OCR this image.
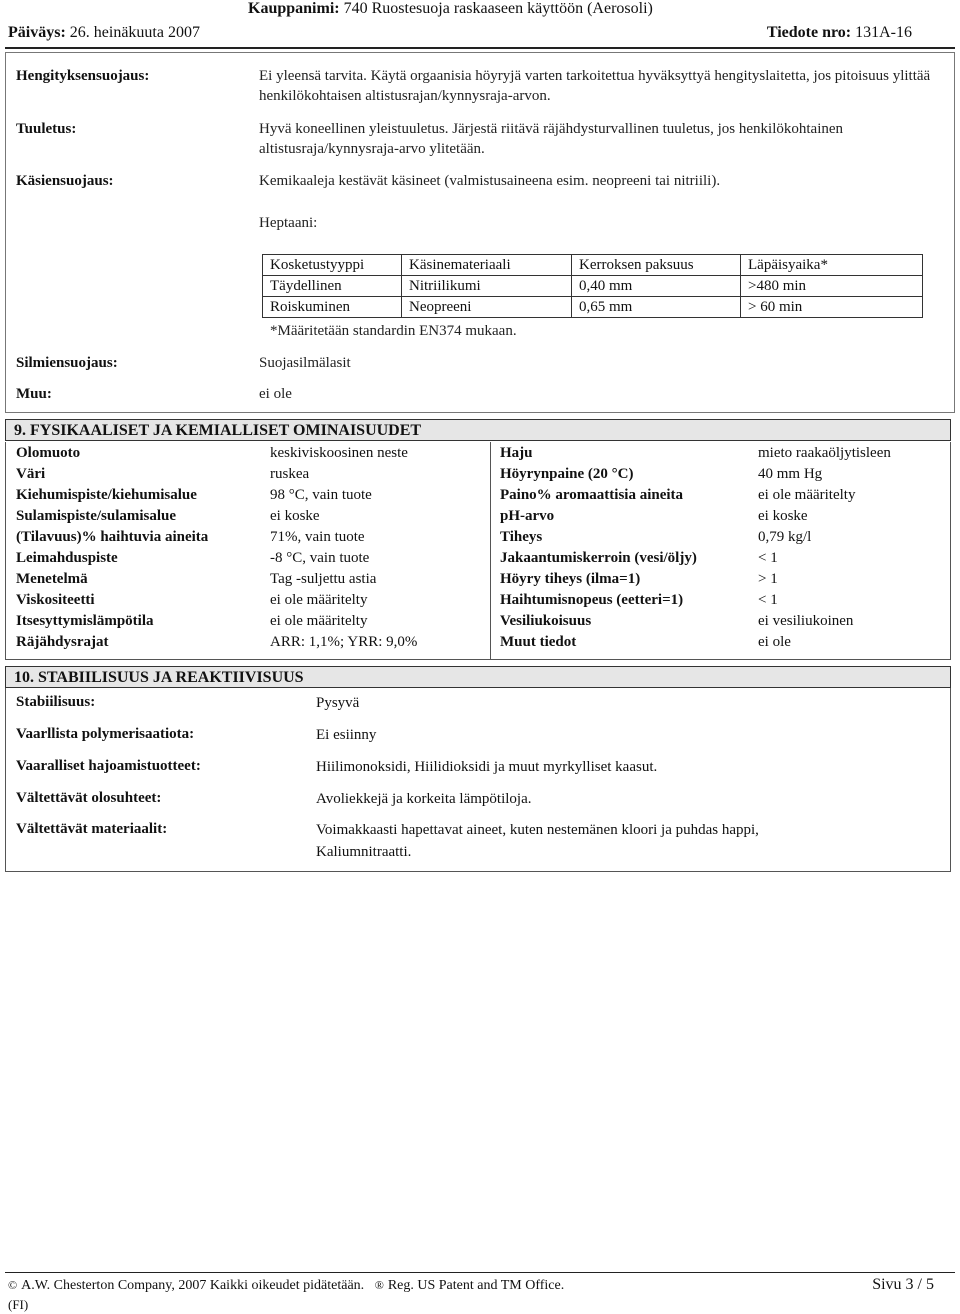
Kauppanimi: 740 Ruostesuoja raskaaseen käyttöön (Aerosoli)
Päiväys: 26. heinäkuuta 2007	Tiedote nro: 131A-16
Hengityksensuojaus:	Ei yleensä tarvita. Käytä orgaanisia höyryjä varten tarkoitettua hyväksyttyä hengityslaitetta, jos pitoisuus ylittää henkilökohtaisen altistusrajan/kynnysraja-arvon.
Tuuletus:	Hyvä koneellinen yleistuuletus. Järjestä riitävä räjähdysturvallinen tuuletus, jos henkilökohtainen altistusraja/kynnysraja-arvo ylitetään.
Käsiensuojaus:	Kemikaaleja kestävät käsineet (valmistusaineena esim. neopreeni tai nitriili).
Heptaani:
Kosketustyyppi	Käsinemateriaali	Kerroksen paksuus	Läpäisyaika*
Täydellinen	Nitriilikumi	0,40 mm	>480 min
Roiskuminen	Neopreeni	0,65 mm	> 60 min
*Määritetään standardin EN374 mukaan.
Silmiensuojaus:	Suojasilmälasit
Muu:	ei ole
9. FYSIKAALISET JA KEMIALLISET OMINAISUUDET
Olomuoto	keskiviskoosinen neste
Väri	ruskea
Kiehumispiste/kiehumisalue	98 °C, vain tuote
Sulamispiste/sulamisalue	ei koske
(Tilavuus)% haihtuvia aineita	71%, vain tuote
Leimahduspiste	-8 °C, vain tuote
Menetelmä	Tag -suljettu astia
Viskositeetti	ei ole määritelty
Itsesyttymislämpötila	ei ole määritelty
Räjähdysrajat	ARR: 1,1%; YRR: 9,0%
Haju	mieto raakaöljytisleen
Höyrynpaine (20 °C)	40 mm Hg
Paino% aromaattisia aineita	ei ole määritelty
pH-arvo	ei koske
Tiheys	0,79 kg/l
Jakaantumiskerroin (vesi/öljy)	< 1
Höyry tiheys (ilma=1)	> 1
Haihtumisnopeus (eetteri=1)	< 1
Vesiliukoisuus	ei vesiliukoinen
Muut tiedot	ei ole
10. STABIILISUUS JA REAKTIIVISUUS
Stabiilisuus:	Pysyvä
Vaarllista polymerisaatiota:	Ei esiinny
Vaaralliset hajoamistuotteet:	Hiilimonoksidi, Hiilidioksidi ja muut myrkylliset kaasut.
Vältettävät olosuhteet:	Avoliekkejä ja korkeita lämpötiloja.
Vältettävät materiaalit:	Voimakkaasti hapettavat aineet, kuten nestemänen kloori ja puhdas happi,
Kaliumnitraatti.
© A.W. Chesterton Company, 2007 Kaikki oikeudet pidätetään. ® Reg. US Patent and TM Office.	Sivu 3 / 5
(FI)
